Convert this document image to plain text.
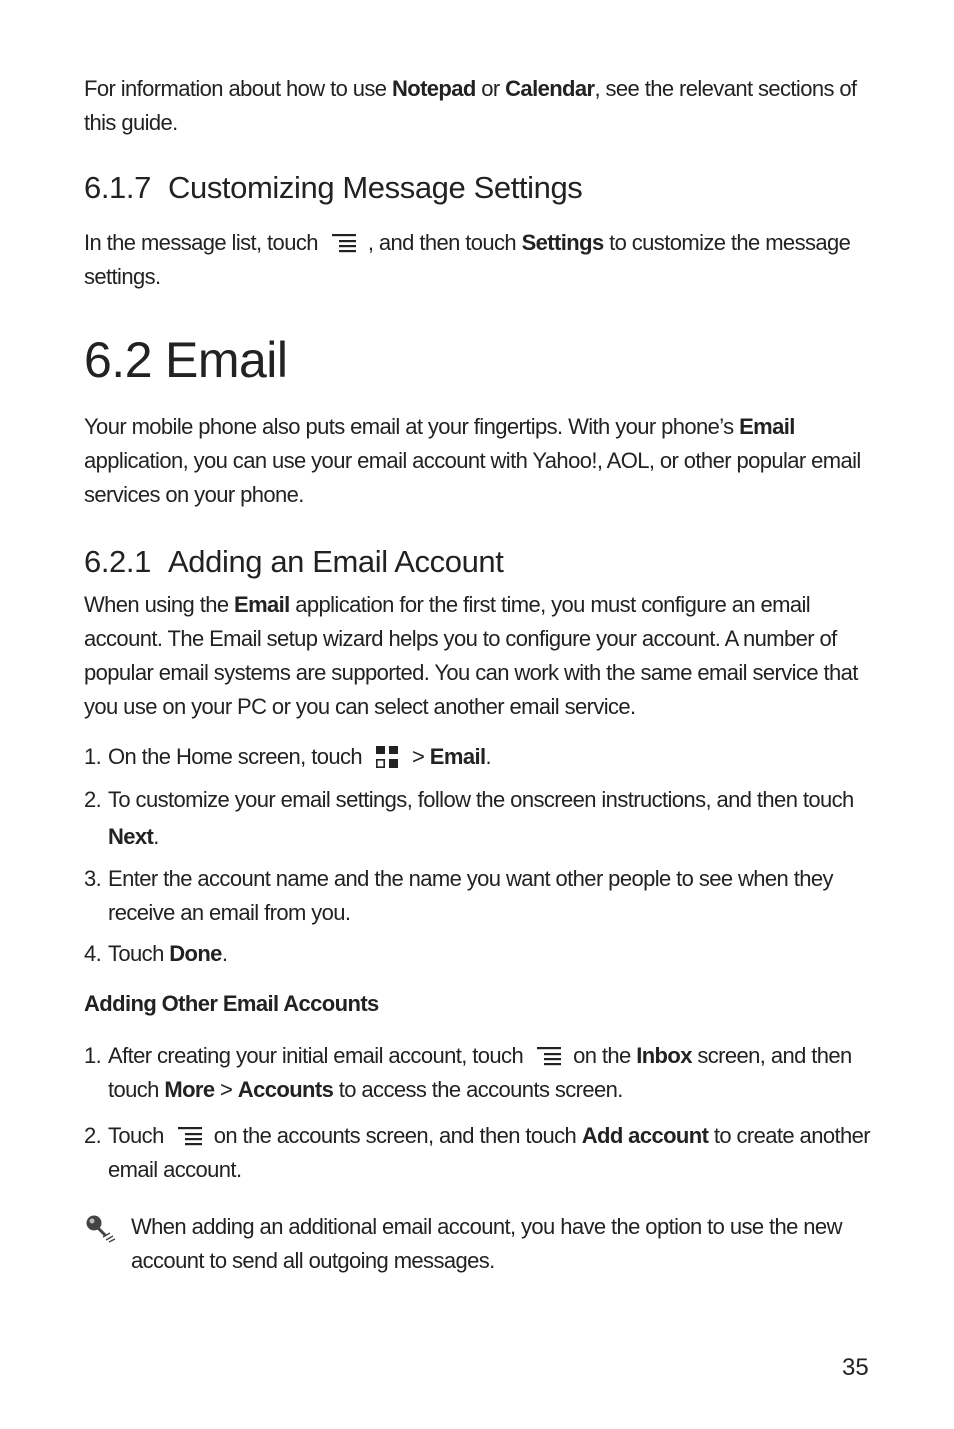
For information about how to use Notepad or Calendar, see the relevant sections of this guide.

6.1.7 Customizing Message Settings

In the message list, touch , and then touch Settings to customize the message settings.

6.2 Email

Your mobile phone also puts email at your fingertips. With your phone’s Email application, you can use your email account with Yahoo!, AOL, or other popular email services on your phone.

6.2.1 Adding an Email Account

When using the Email application for the first time, you must configure an email account. The Email setup wizard helps you to configure your account. A number of popular email systems are supported. You can work with the same email service that you use on your PC or you can select another email service.

1. On the Home screen, touch > Email.
2. To customize your email settings, follow the onscreen instructions, and then touch Next.
3. Enter the account name and the name you want other people to see when they receive an email from you.
4. Touch Done.
Adding Other Email Accounts
1. After creating your initial email account, touch on the Inbox screen, and then touch More > Accounts to access the accounts screen.
2. Touch on the accounts screen, and then touch Add account to create another email account.
When adding an additional email account, you have the option to use the new account to send all outgoing messages.
35
